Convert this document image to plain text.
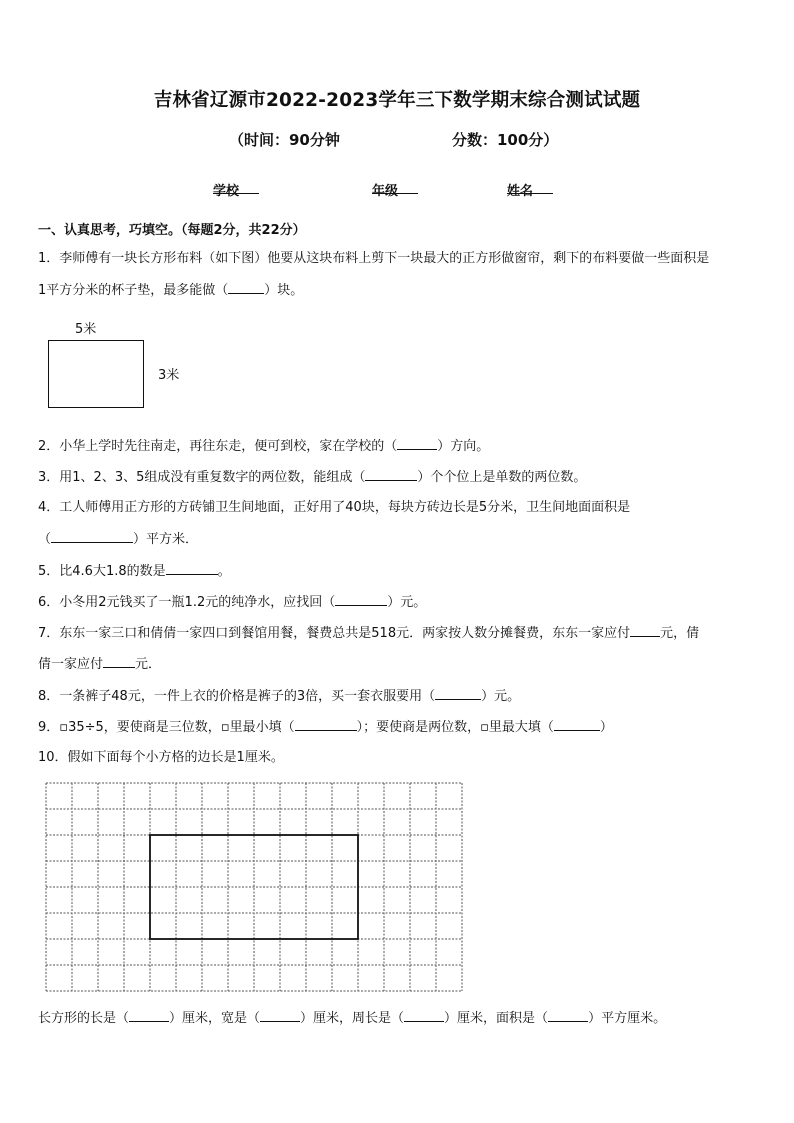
吉林省辽源市2022-2023学年三下数学期末综合测试试题
（时间：90分钟	分数：100分）
学校	年级	姓名
一、认真思考，巧填空。（每题2分，共22分）
1．李师傅有一块长方形布料（如下图）他要从这块布料上剪下一块最大的正方形做窗帘，剩下的布料要做一些面积是
1平方分米的杯子垫，最多能做（	）块。
5米
3米
2．小华上学时先往南走，再往东走，便可到校，家在学校的（	）方向。
3．用1、2、3、5组成没有重复数字的两位数，能组成（	）个个位上是单数的两位数。
4．工人师傅用正方形的方砖铺卫生间地面，正好用了40块，每块方砖边长是5分米，卫生间地面面积是
（	）平方米．
5．比4.6大1.8的数是	。
6．小冬用2元钱买了一瓶1.2元的纯净水，应找回（	）元。
7．东东一家三口和倩倩一家四口到餐馆用餐，餐费总共是518元．两家按人数分摊餐费，东东一家应付 元，倩
倩一家应付 元．
8．一条裤子48元，一件上衣的价格是裤子的3倍，买一套衣服要用（	）元。
9．▫35÷5，要使商是三位数，▫里最小填（	）；要使商是两位数，▫里最大填（	）
10．假如下面每个小方格的边长是1厘米。
长方形的长是（	）厘米，宽是（	）厘米，周长是（	）厘米，面积是（	）平方厘米。
